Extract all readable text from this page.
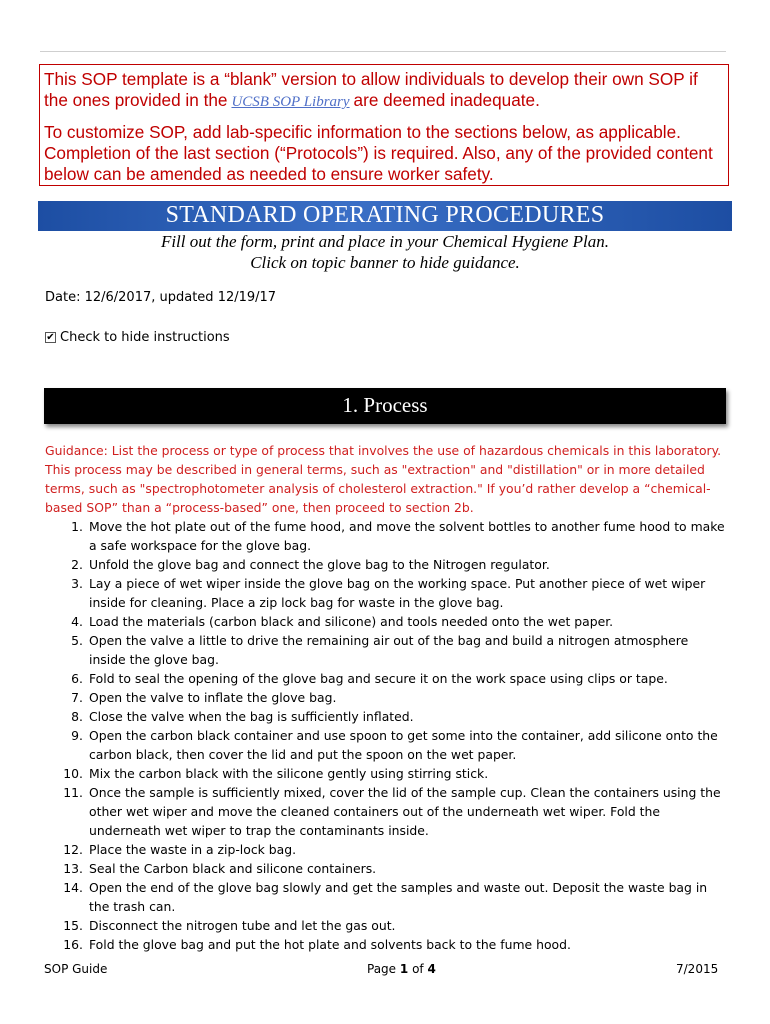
This SOP template is a “blank” version to allow individuals to develop their own SOP if the ones provided in the UCSB SOP Library are deemed inadequate.

To customize SOP, add lab-specific information to the sections below, as applicable. Completion of the last section (“Protocols”) is required. Also, any of the provided content below can be amended as needed to ensure worker safety.

STANDARD OPERATING PROCEDURES
Fill out the form, print and place in your Chemical Hygiene Plan.
Click on topic banner to hide guidance.
Date: 12/6/2017, updated 12/19/17
✔ Check to hide instructions
1. Process

Guidance: List the process or type of process that involves the use of hazardous chemicals in this laboratory. This process may be described in general terms, such as "extraction" and "distillation" or in more detailed terms, such as "spectrophotometer analysis of cholesterol extraction." If you’d rather develop a “chemical-based SOP” than a “process-based” one, then proceed to section 2b.

1. Move the hot plate out of the fume hood, and move the solvent bottles to another fume hood to make a safe workspace for the glove bag.
2. Unfold the glove bag and connect the glove bag to the Nitrogen regulator.
3. Lay a piece of wet wiper inside the glove bag on the working space. Put another piece of wet wiper inside for cleaning. Place a zip lock bag for waste in the glove bag.
4. Load the materials (carbon black and silicone) and tools needed onto the wet paper.
5. Open the valve a little to drive the remaining air out of the bag and build a nitrogen atmosphere inside the glove bag.
6. Fold to seal the opening of the glove bag and secure it on the work space using clips or tape.
7. Open the valve to inflate the glove bag.
8. Close the valve when the bag is sufficiently inflated.
9. Open the carbon black container and use spoon to get some into the container, add silicone onto the carbon black, then cover the lid and put the spoon on the wet paper.
10. Mix the carbon black with the silicone gently using stirring stick.
11. Once the sample is sufficiently mixed, cover the lid of the sample cup. Clean the containers using the other wet wiper and move the cleaned containers out of the underneath wet wiper. Fold the underneath wet wiper to trap the contaminants inside.
12. Place the waste in a zip-lock bag.
13. Seal the Carbon black and silicone containers.
14. Open the end of the glove bag slowly and get the samples and waste out. Deposit the waste bag in the trash can.
15. Disconnect the nitrogen tube and let the gas out.
16. Fold the glove bag and put the hot plate and solvents back to the fume hood.
SOP Guide	Page 1 of 4	7/2015
